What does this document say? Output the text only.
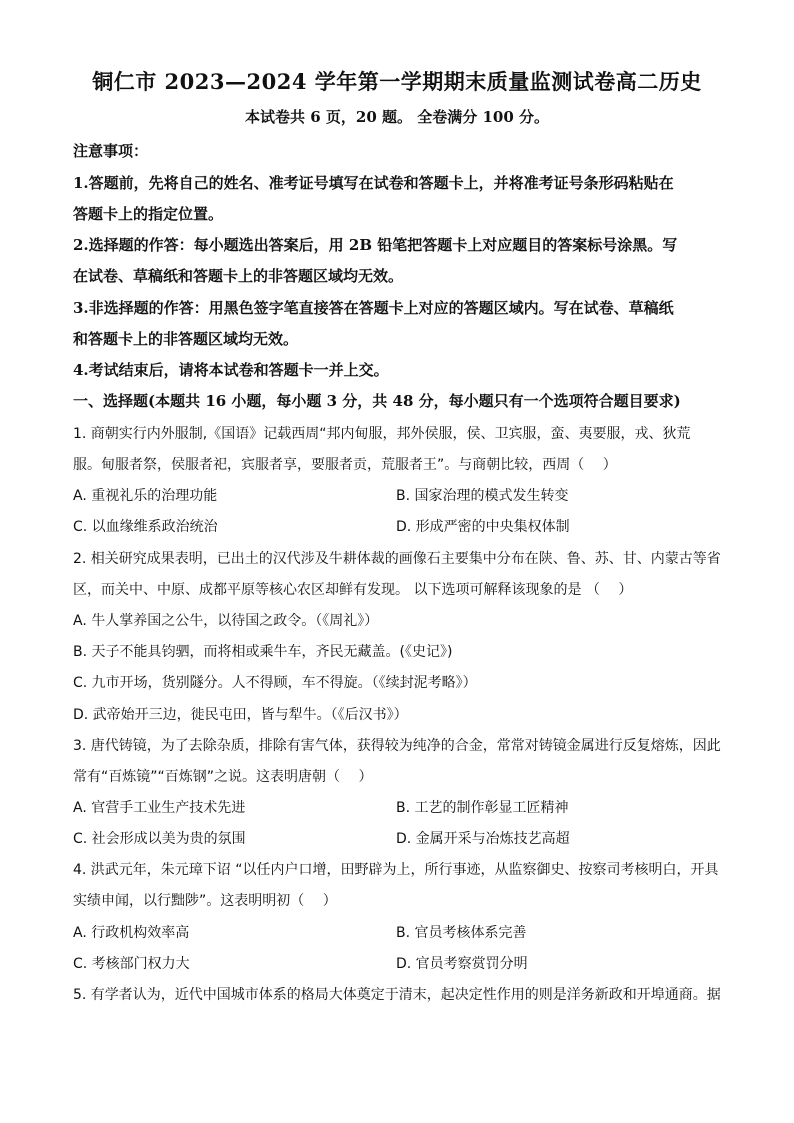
铜仁市 2023—2024 学年第一学期期末质量监测试卷高二历史
本试卷共 6 页，20 题。 全卷满分 100 分。
注意事项：
1.答题前，先将自己的姓名、准考证号填写在试卷和答题卡上，并将准考证号条形码粘贴在
答题卡上的指定位置。
2.选择题的作答：每小题选出答案后，用 2B 铅笔把答题卡上对应题目的答案标号涂黑。写
在试卷、草稿纸和答题卡上的非答题区域均无效。
3.非选择题的作答：用黑色签字笔直接答在答题卡上对应的答题区域内。写在试卷、草稿纸
和答题卡上的非答题区域均无效。
4.考试结束后，请将本试卷和答题卡一并上交。
一、选择题(本题共 16 小题，每小题 3 分，共 48 分，每小题只有一个选项符合题目要求)
1. 商朝实行内外服制,《国语》记载西周“邦内甸服，邦外侯服，侯、卫宾服，蛮、夷要服，戎、狄荒
服。甸服者祭，侯服者祀，宾服者享，要服者贡，荒服者王”。与商朝比较，西周（　 ）
A. 重视礼乐的治理功能	B. 国家治理的模式发生转变
C. 以血缘维系政治统治	D. 形成严密的中央集权体制
2. 相关研究成果表明，已出土的汉代涉及牛耕体裁的画像石主要集中分布在陕、鲁、苏、甘、内蒙古等省
区，而关中、中原、成都平原等核心农区却鲜有发现。 以下选项可解释该现象的是 （　 ）
A. 牛人掌养国之公牛，以待国之政令。（《周礼》）
B. 天子不能具钧驷，而将相或乘牛车，齐民无藏盖。(《史记》)
C. 九市开场，货别隧分。人不得顾，车不得旋。（《续封泥考略》）
D. 武帝始开三边，徙民屯田，皆与犁牛。（《后汉书》）
3. 唐代铸镜，为了去除杂质，排除有害气体，获得较为纯净的合金，常常对铸镜金属进行反复熔炼，因此
常有“百炼镜”“百炼钢”之说。这表明唐朝（　 ）
A. 官营手工业生产技术先进	B. 工艺的制作彰显工匠精神
C. 社会形成以美为贵的氛围	D. 金属开采与冶炼技艺高超
4. 洪武元年，朱元璋下诏 “以任内户口增，田野辟为上，所行事迹，从监察御史、按察司考核明白，开具
实绩申闻，以行黜陟”。这表明明初（　 ）
A. 行政机构效率高	B. 官员考核体系完善
C. 考核部门权力大	D. 官员考察赏罚分明
5. 有学者认为，近代中国城市体系的格局大体奠定于清末，起决定性作用的则是洋务新政和开埠通商。据
